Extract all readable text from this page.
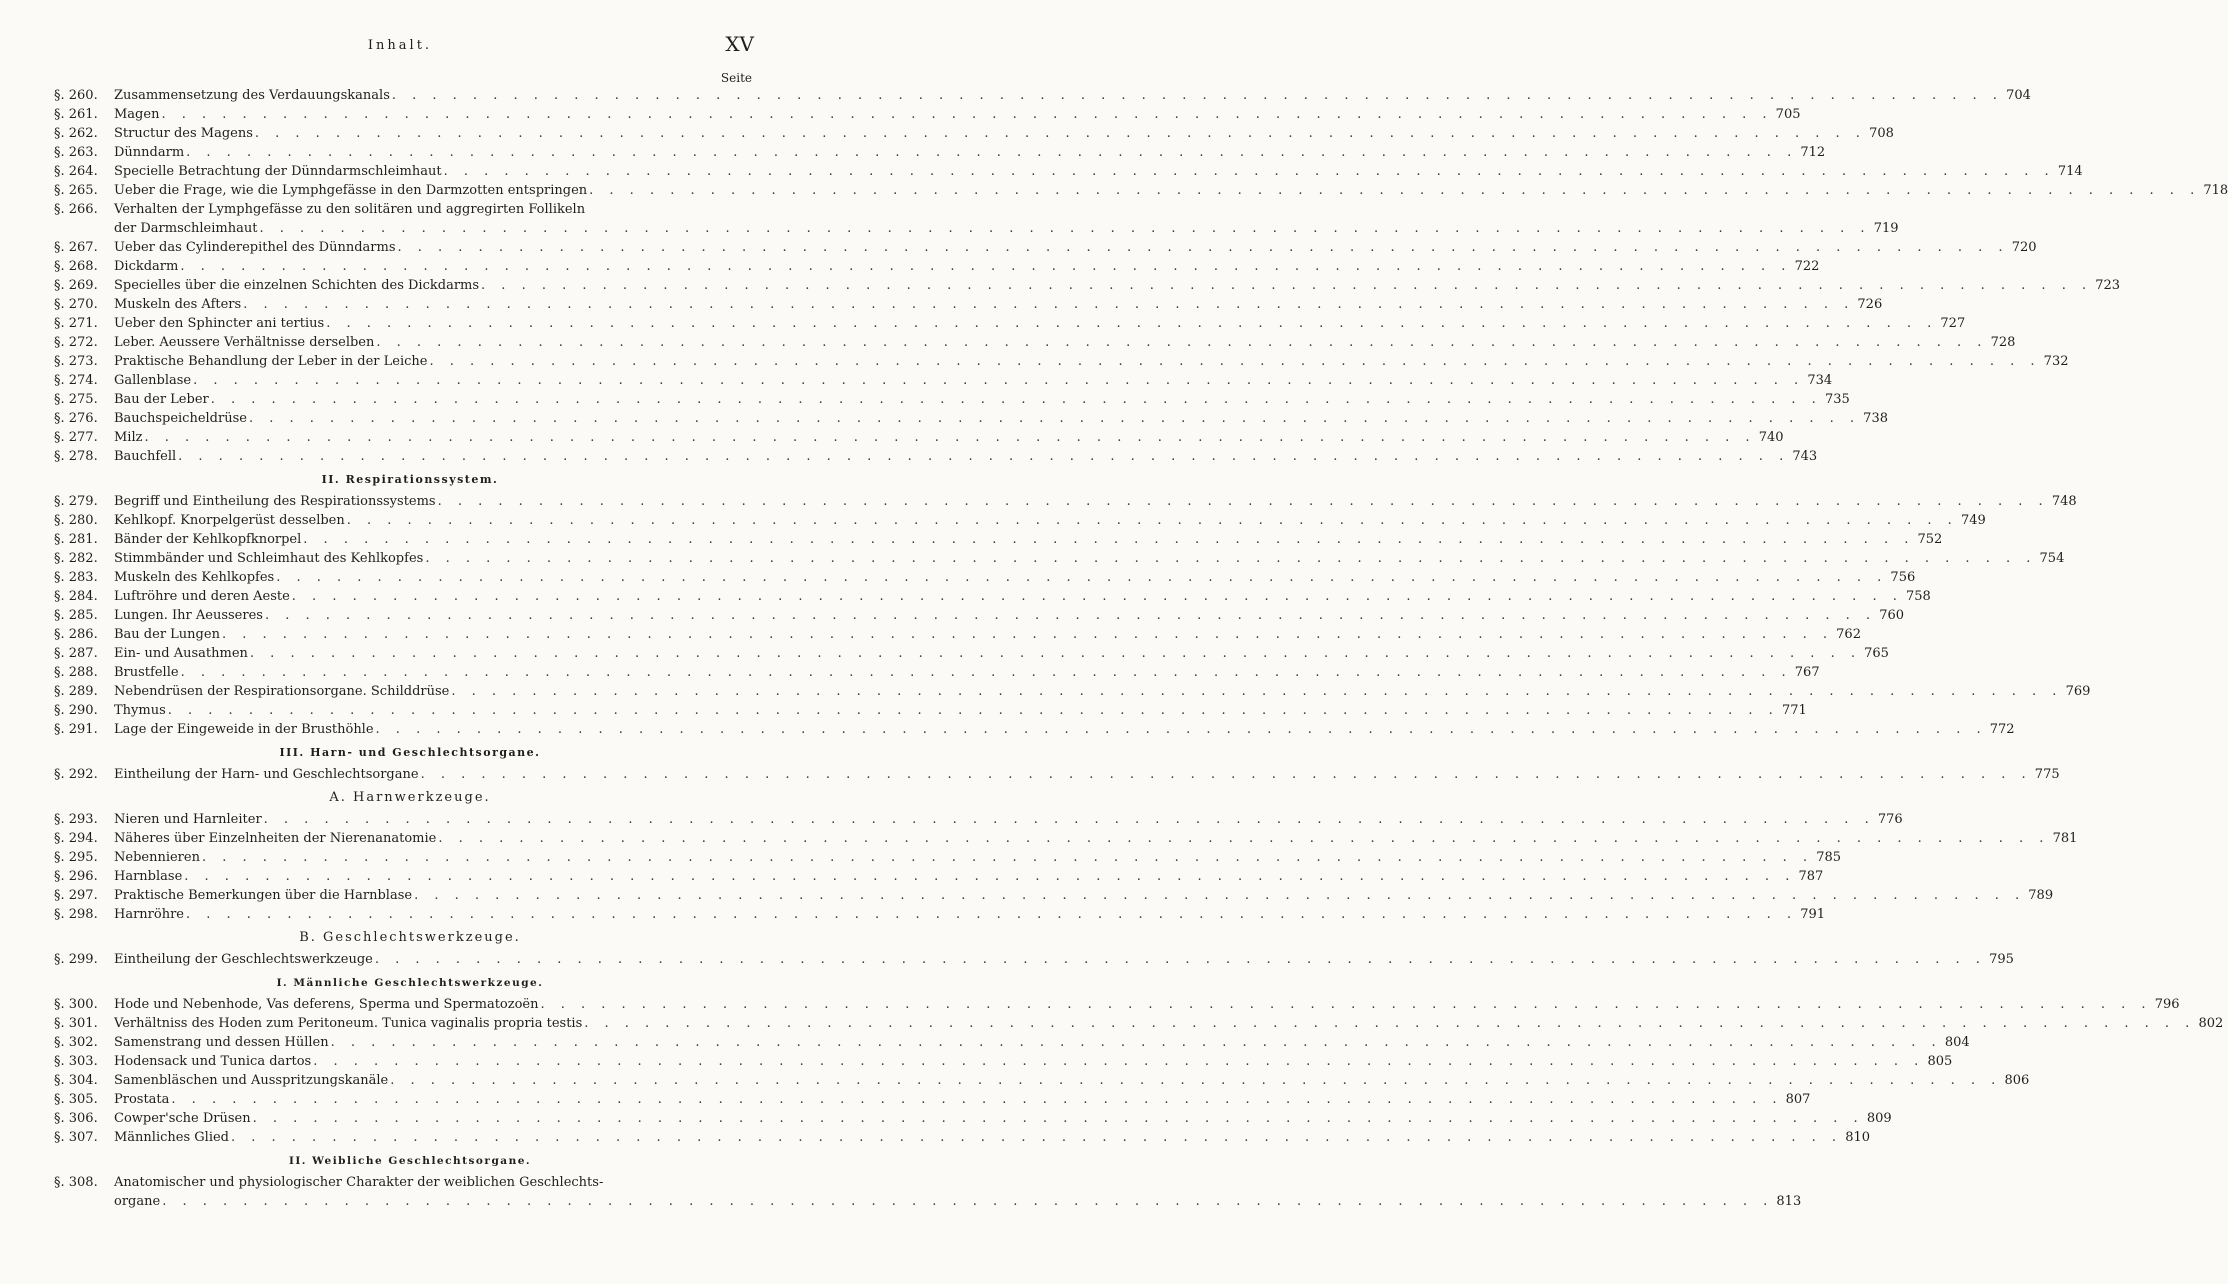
Inhalt.	XV
Seite
§. 260.	Zusammensetzung des Verdauungskanals . . . . . . . . . . . . . . . . . . . . . . . . . . . . . . . . . . . . . . . . . . . . . . . . . . . . . . . . . . . . . . . . . . . . . . . . . . . . . . . . 704
§. 261.	Magen . . . . . . . . . . . . . . . . . . . . . . . . . . . . . . . . . . . . . . . . . . . . . . . . . . . . . . . . . . . . . . . . . . . . . . . . . . . . . . . . 705
§. 262.	Structur des Magens . . . . . . . . . . . . . . . . . . . . . . . . . . . . . . . . . . . . . . . . . . . . . . . . . . . . . . . . . . . . . . . . . . . . . . . . . . . . . . . . 708
§. 263.	Dünndarm . . . . . . . . . . . . . . . . . . . . . . . . . . . . . . . . . . . . . . . . . . . . . . . . . . . . . . . . . . . . . . . . . . . . . . . . . . . . . . . . 712
§. 264.	Specielle Betrachtung der Dünndarmschleimhaut . . . . . . . . . . . . . . . . . . . . . . . . . . . . . . . . . . . . . . . . . . . . . . . . . . . . . . . . . . . . . . . . . . . . . . . . . . . . . . . . 714
§. 265.	Ueber die Frage, wie die Lymphgefässe in den Darmzotten entspringen . . . . . . . . . . . . . . . . . . . . . . . . . . . . . . . . . . . . . . . . . . . . . . . . . . . . . . . . . . . . . . . . . . . . . . . . . . . . . . . . 718
§. 266.	Verhalten der Lymphgefässe zu den solitären und aggregirten Follikeln
der Darmschleimhaut . . . . . . . . . . . . . . . . . . . . . . . . . . . . . . . . . . . . . . . . . . . . . . . . . . . . . . . . . . . . . . . . . . . . . . . . . . . . . . . . 719
§. 267.	Ueber das Cylinderepithel des Dünndarms . . . . . . . . . . . . . . . . . . . . . . . . . . . . . . . . . . . . . . . . . . . . . . . . . . . . . . . . . . . . . . . . . . . . . . . . . . . . . . . . 720
§. 268.	Dickdarm . . . . . . . . . . . . . . . . . . . . . . . . . . . . . . . . . . . . . . . . . . . . . . . . . . . . . . . . . . . . . . . . . . . . . . . . . . . . . . . . 722
§. 269.	Specielles über die einzelnen Schichten des Dickdarms . . . . . . . . . . . . . . . . . . . . . . . . . . . . . . . . . . . . . . . . . . . . . . . . . . . . . . . . . . . . . . . . . . . . . . . . . . . . . . . . 723
§. 270.	Muskeln des Afters . . . . . . . . . . . . . . . . . . . . . . . . . . . . . . . . . . . . . . . . . . . . . . . . . . . . . . . . . . . . . . . . . . . . . . . . . . . . . . . . 726
§. 271.	Ueber den Sphincter ani tertius . . . . . . . . . . . . . . . . . . . . . . . . . . . . . . . . . . . . . . . . . . . . . . . . . . . . . . . . . . . . . . . . . . . . . . . . . . . . . . . . 727
§. 272.	Leber. Aeussere Verhältnisse derselben . . . . . . . . . . . . . . . . . . . . . . . . . . . . . . . . . . . . . . . . . . . . . . . . . . . . . . . . . . . . . . . . . . . . . . . . . . . . . . . . 728
§. 273.	Praktische Behandlung der Leber in der Leiche . . . . . . . . . . . . . . . . . . . . . . . . . . . . . . . . . . . . . . . . . . . . . . . . . . . . . . . . . . . . . . . . . . . . . . . . . . . . . . . . 732
§. 274.	Gallenblase . . . . . . . . . . . . . . . . . . . . . . . . . . . . . . . . . . . . . . . . . . . . . . . . . . . . . . . . . . . . . . . . . . . . . . . . . . . . . . . . 734
§. 275.	Bau der Leber . . . . . . . . . . . . . . . . . . . . . . . . . . . . . . . . . . . . . . . . . . . . . . . . . . . . . . . . . . . . . . . . . . . . . . . . . . . . . . . . 735
§. 276.	Bauchspeicheldrüse . . . . . . . . . . . . . . . . . . . . . . . . . . . . . . . . . . . . . . . . . . . . . . . . . . . . . . . . . . . . . . . . . . . . . . . . . . . . . . . . 738
§. 277.	Milz . . . . . . . . . . . . . . . . . . . . . . . . . . . . . . . . . . . . . . . . . . . . . . . . . . . . . . . . . . . . . . . . . . . . . . . . . . . . . . . . 740
§. 278.	Bauchfell . . . . . . . . . . . . . . . . . . . . . . . . . . . . . . . . . . . . . . . . . . . . . . . . . . . . . . . . . . . . . . . . . . . . . . . . . . . . . . . . 743
II. Respirationssystem.
§. 279.	Begriff und Eintheilung des Respirationssystems . . . . . . . . . . . . . . . . . . . . . . . . . . . . . . . . . . . . . . . . . . . . . . . . . . . . . . . . . . . . . . . . . . . . . . . . . . . . . . . . 748
§. 280.	Kehlkopf. Knorpelgerüst desselben . . . . . . . . . . . . . . . . . . . . . . . . . . . . . . . . . . . . . . . . . . . . . . . . . . . . . . . . . . . . . . . . . . . . . . . . . . . . . . . . 749
§. 281.	Bänder der Kehlkopfknorpel . . . . . . . . . . . . . . . . . . . . . . . . . . . . . . . . . . . . . . . . . . . . . . . . . . . . . . . . . . . . . . . . . . . . . . . . . . . . . . . . 752
§. 282.	Stimmbänder und Schleimhaut des Kehlkopfes . . . . . . . . . . . . . . . . . . . . . . . . . . . . . . . . . . . . . . . . . . . . . . . . . . . . . . . . . . . . . . . . . . . . . . . . . . . . . . . . 754
§. 283.	Muskeln des Kehlkopfes . . . . . . . . . . . . . . . . . . . . . . . . . . . . . . . . . . . . . . . . . . . . . . . . . . . . . . . . . . . . . . . . . . . . . . . . . . . . . . . . 756
§. 284.	Luftröhre und deren Aeste . . . . . . . . . . . . . . . . . . . . . . . . . . . . . . . . . . . . . . . . . . . . . . . . . . . . . . . . . . . . . . . . . . . . . . . . . . . . . . . . 758
§. 285.	Lungen. Ihr Aeusseres . . . . . . . . . . . . . . . . . . . . . . . . . . . . . . . . . . . . . . . . . . . . . . . . . . . . . . . . . . . . . . . . . . . . . . . . . . . . . . . . 760
§. 286.	Bau der Lungen . . . . . . . . . . . . . . . . . . . . . . . . . . . . . . . . . . . . . . . . . . . . . . . . . . . . . . . . . . . . . . . . . . . . . . . . . . . . . . . . 762
§. 287.	Ein- und Ausathmen . . . . . . . . . . . . . . . . . . . . . . . . . . . . . . . . . . . . . . . . . . . . . . . . . . . . . . . . . . . . . . . . . . . . . . . . . . . . . . . . 765
§. 288.	Brustfelle . . . . . . . . . . . . . . . . . . . . . . . . . . . . . . . . . . . . . . . . . . . . . . . . . . . . . . . . . . . . . . . . . . . . . . . . . . . . . . . . 767
§. 289.	Nebendrüsen der Respirationsorgane. Schilddrüse . . . . . . . . . . . . . . . . . . . . . . . . . . . . . . . . . . . . . . . . . . . . . . . . . . . . . . . . . . . . . . . . . . . . . . . . . . . . . . . . 769
§. 290.	Thymus . . . . . . . . . . . . . . . . . . . . . . . . . . . . . . . . . . . . . . . . . . . . . . . . . . . . . . . . . . . . . . . . . . . . . . . . . . . . . . . . 771
§. 291.	Lage der Eingeweide in der Brusthöhle . . . . . . . . . . . . . . . . . . . . . . . . . . . . . . . . . . . . . . . . . . . . . . . . . . . . . . . . . . . . . . . . . . . . . . . . . . . . . . . . 772
III. Harn- und Geschlechtsorgane.
§. 292.	Eintheilung der Harn- und Geschlechtsorgane . . . . . . . . . . . . . . . . . . . . . . . . . . . . . . . . . . . . . . . . . . . . . . . . . . . . . . . . . . . . . . . . . . . . . . . . . . . . . . . . 775
A. Harnwerkzeuge.
§. 293.	Nieren und Harnleiter . . . . . . . . . . . . . . . . . . . . . . . . . . . . . . . . . . . . . . . . . . . . . . . . . . . . . . . . . . . . . . . . . . . . . . . . . . . . . . . . 776
§. 294.	Näheres über Einzelnheiten der Nierenanatomie . . . . . . . . . . . . . . . . . . . . . . . . . . . . . . . . . . . . . . . . . . . . . . . . . . . . . . . . . . . . . . . . . . . . . . . . . . . . . . . . 781
§. 295.	Nebennieren . . . . . . . . . . . . . . . . . . . . . . . . . . . . . . . . . . . . . . . . . . . . . . . . . . . . . . . . . . . . . . . . . . . . . . . . . . . . . . . . 785
§. 296.	Harnblase . . . . . . . . . . . . . . . . . . . . . . . . . . . . . . . . . . . . . . . . . . . . . . . . . . . . . . . . . . . . . . . . . . . . . . . . . . . . . . . . 787
§. 297.	Praktische Bemerkungen über die Harnblase . . . . . . . . . . . . . . . . . . . . . . . . . . . . . . . . . . . . . . . . . . . . . . . . . . . . . . . . . . . . . . . . . . . . . . . . . . . . . . . . 789
§. 298.	Harnröhre . . . . . . . . . . . . . . . . . . . . . . . . . . . . . . . . . . . . . . . . . . . . . . . . . . . . . . . . . . . . . . . . . . . . . . . . . . . . . . . . 791
B. Geschlechtswerkzeuge.
§. 299.	Eintheilung der Geschlechtswerkzeuge . . . . . . . . . . . . . . . . . . . . . . . . . . . . . . . . . . . . . . . . . . . . . . . . . . . . . . . . . . . . . . . . . . . . . . . . . . . . . . . . 795
I. Männliche Geschlechtswerkzeuge.
§. 300.	Hode und Nebenhode, Vas deferens, Sperma und Spermatozoën . . . . . . . . . . . . . . . . . . . . . . . . . . . . . . . . . . . . . . . . . . . . . . . . . . . . . . . . . . . . . . . . . . . . . . . . . . . . . . . . 796
§. 301.	Verhältniss des Hoden zum Peritoneum. Tunica vaginalis propria testis . . . . . . . . . . . . . . . . . . . . . . . . . . . . . . . . . . . . . . . . . . . . . . . . . . . . . . . . . . . . . . . . . . . . . . . . . . . . . . . . 802
§. 302.	Samenstrang und dessen Hüllen . . . . . . . . . . . . . . . . . . . . . . . . . . . . . . . . . . . . . . . . . . . . . . . . . . . . . . . . . . . . . . . . . . . . . . . . . . . . . . . . 804
§. 303.	Hodensack und Tunica dartos . . . . . . . . . . . . . . . . . . . . . . . . . . . . . . . . . . . . . . . . . . . . . . . . . . . . . . . . . . . . . . . . . . . . . . . . . . . . . . . . 805
§. 304.	Samenbläschen und Ausspritzungskanäle . . . . . . . . . . . . . . . . . . . . . . . . . . . . . . . . . . . . . . . . . . . . . . . . . . . . . . . . . . . . . . . . . . . . . . . . . . . . . . . . 806
§. 305.	Prostata . . . . . . . . . . . . . . . . . . . . . . . . . . . . . . . . . . . . . . . . . . . . . . . . . . . . . . . . . . . . . . . . . . . . . . . . . . . . . . . . 807
§. 306.	Cowper'sche Drüsen . . . . . . . . . . . . . . . . . . . . . . . . . . . . . . . . . . . . . . . . . . . . . . . . . . . . . . . . . . . . . . . . . . . . . . . . . . . . . . . . 809
§. 307.	Männliches Glied . . . . . . . . . . . . . . . . . . . . . . . . . . . . . . . . . . . . . . . . . . . . . . . . . . . . . . . . . . . . . . . . . . . . . . . . . . . . . . . . 810
II. Weibliche Geschlechtsorgane.
§. 308.	Anatomischer und physiologischer Charakter der weiblichen Geschlechts-
organe . . . . . . . . . . . . . . . . . . . . . . . . . . . . . . . . . . . . . . . . . . . . . . . . . . . . . . . . . . . . . . . . . . . . . . . . . . . . . . . . 813
